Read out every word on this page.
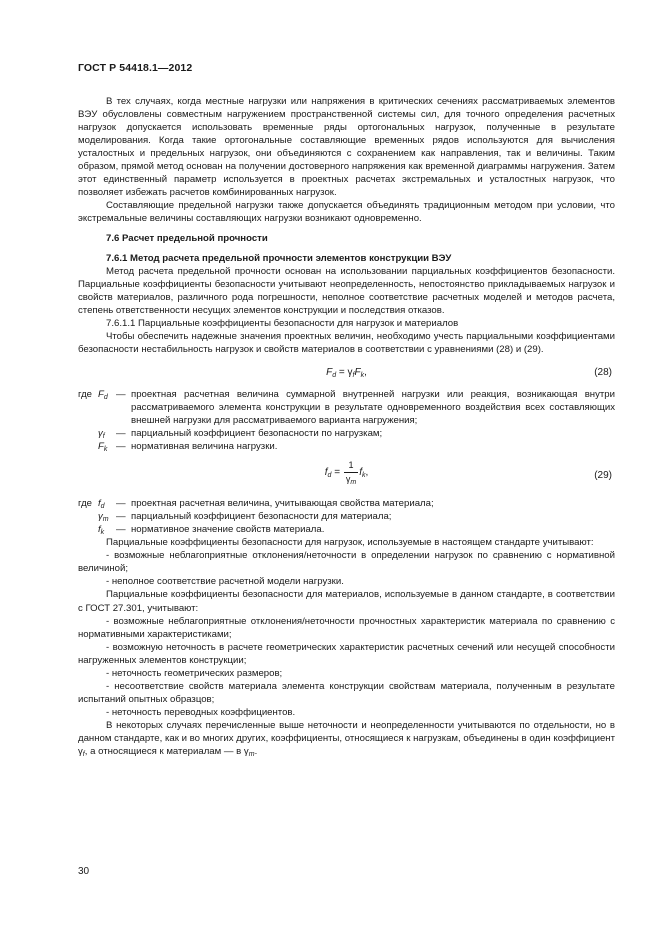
ГОСТ Р 54418.1—2012

В тех случаях, когда местные нагрузки или напряжения в критических сечениях рассматриваемых элементов ВЭУ обусловлены совместным нагружением пространственной системы сил, для точного определения расчетных нагрузок допускается использовать временные ряды ортогональных нагрузок, полученные в результате моделирования. Когда такие ортогональные составляющие временных рядов используются для вычисления усталостных и предельных нагрузок, они объединяются с сохранением как направления, так и величины. Таким образом, прямой метод основан на получении достоверного напряжения как временной диаграммы нагружения. Затем этот единственный параметр используется в проектных расчетах экстремальных и усталостных нагрузок, что позволяет избежать расчетов комбинированных нагрузок.

Составляющие предельной нагрузки также допускается объединять традиционным методом при условии, что экстремальные величины составляющих нагрузки возникают одновременно.

7.6 Расчет предельной прочности

7.6.1 Метод расчета предельной прочности элементов конструкции ВЭУ

Метод расчета предельной прочности основан на использовании парциальных коэффициентов безопасности. Парциальные коэффициенты безопасности учитывают неопределенность, непостоянство прикладываемых нагрузок и свойств материалов, различного рода погрешности, неполное соответствие расчетных моделей и методов расчета, степень ответственности несущих элементов конструкции и последствия отказов.

7.6.1.1 Парциальные коэффициенты безопасности для нагрузок и материалов

Чтобы обеспечить надежные значения проектных величин, необходимо учесть парциальными коэффициентами безопасности нестабильность нагрузок и свойств материалов в соответствии с уравнениями (28) и (29).

$F_d = \gamma_fF_k$,	(28)
где $F_d$ — проектная расчетная величина суммарной внутренней нагрузки или реакция, возникающая внутри рассматриваемого элемента конструкции в результате одновременного воздействия всех составляющих внешней нагрузки для рассматриваемого варианта нагружения;
$\gamma_f$	— парциальный коэффициент безопасности по нагрузкам;
$F_k$ — нормативная величина нагрузки.
$f_d = \frac{1}{\gamma_m} f_k$,	(29)
где $f_d$	— проектная расчетная величина, учитывающая свойства материала;
$\gamma_m$ — парциальный коэффициент безопасности для материала;
$f_k$	— нормативное значение свойств материала.

Парциальные коэффициенты безопасности для нагрузок, используемые в настоящем стандарте учитывают:

- возможные неблагоприятные отклонения/неточности в определении нагрузок по сравнению с нормативной величиной;

- неполное соответствие расчетной модели нагрузки.

Парциальные коэффициенты безопасности для материалов, используемые в данном стандарте, в соответствии с ГОСТ 27.301, учитывают:

- возможные неблагоприятные отклонения/неточности прочностных характеристик материала по сравнению с нормативными характеристиками;

- возможную неточность в расчете геометрических характеристик расчетных сечений или несущей способности нагруженных элементов конструкции;

- неточность геометрических размеров;

- несоответствие свойств материала элемента конструкции свойствам материала, полученным в результате испытаний опытных образцов;

- неточность переводных коэффициентов.

В некоторых случаях перечисленные выше неточности и неопределенности учитываются по отдельности, но в данном стандарте, как и во многих других, коэффициенты, относящиеся к нагрузкам, объединены в один коэффициент $\gamma_f$, а относящиеся к материалам — в $\gamma_m$.

30
